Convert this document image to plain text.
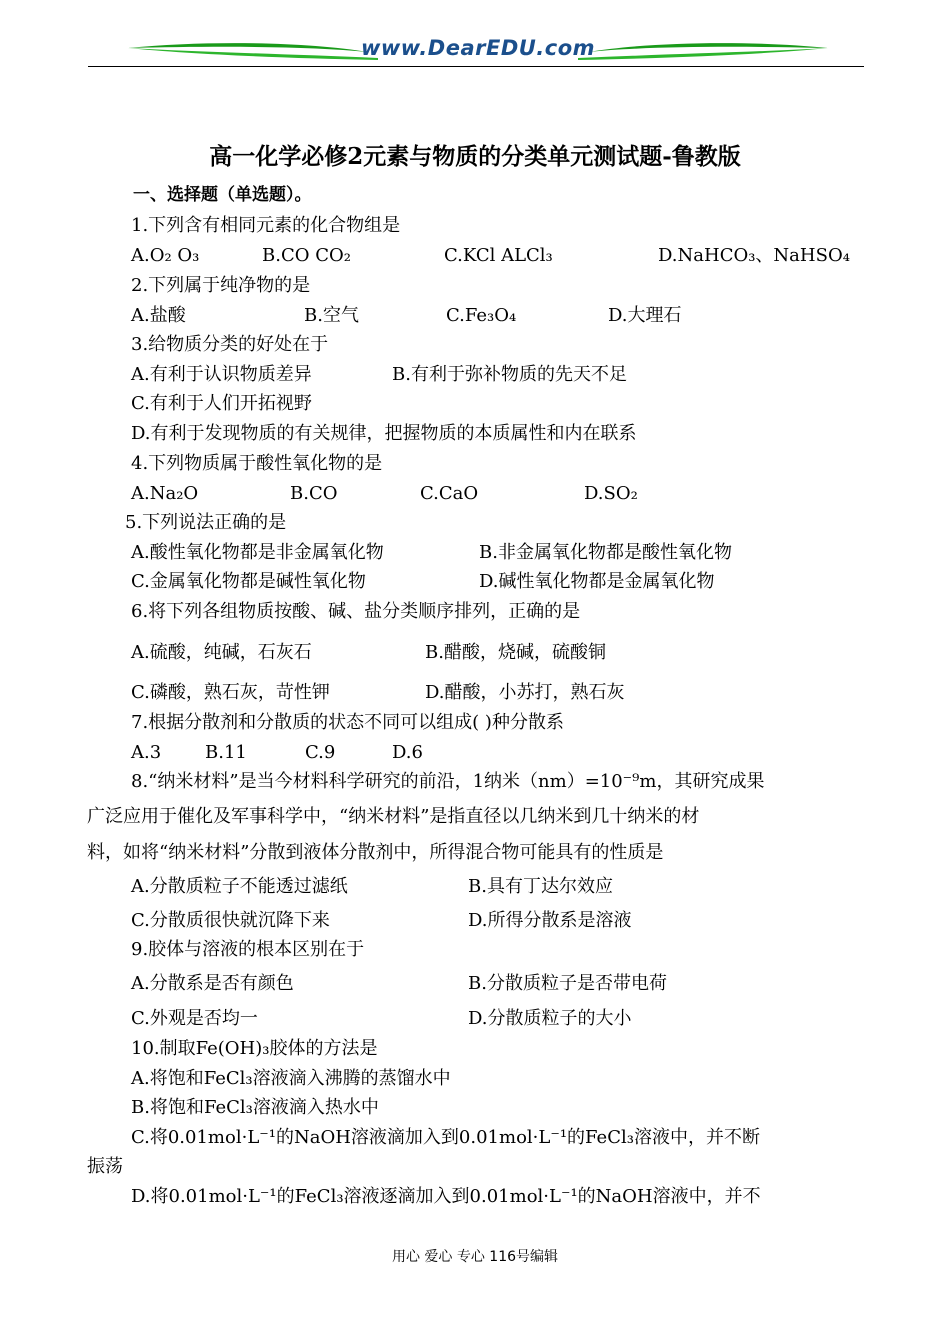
www.DearEDU.com
高一化学必修2元素与物质的分类单元测试题-鲁教版
一、选择题（单选题）。
1.下列含有相同元素的化合物组是
A.O₂ O₃	B.CO CO₂	C.KCl ALCl₃	D.NaHCO₃、NaHSO₄
2.下列属于纯净物的是
A.盐酸	B.空气	C.Fe₃O₄	D.大理石
3.给物质分类的好处在于
A.有利于认识物质差异	B.有利于弥补物质的先天不足
C.有利于人们开拓视野
D.有利于发现物质的有关规律，把握物质的本质属性和内在联系
4.下列物质属于酸性氧化物的是
A.Na₂O	B.CO	C.CaO	D.SO₂
5.下列说法正确的是
A.酸性氧化物都是非金属氧化物	B.非金属氧化物都是酸性氧化物
C.金属氧化物都是碱性氧化物	D.碱性氧化物都是金属氧化物
6.将下列各组物质按酸、碱、盐分类顺序排列，正确的是
A.硫酸，纯碱，石灰石	B.醋酸，烧碱，硫酸铜
C.磷酸，熟石灰，苛性钾	D.醋酸，小苏打，熟石灰
7.根据分散剂和分散质的状态不同可以组成( )种分散系
A.3 B.11	C.9	D.6
8.“纳米材料”是当今材料科学研究的前沿，1纳米（nm）=10⁻⁹m，其研究成果
广泛应用于催化及军事科学中，“纳米材料”是指直径以几纳米到几十纳米的材
料，如将“纳米材料”分散到液体分散剂中，所得混合物可能具有的性质是
A.分散质粒子不能透过滤纸	B.具有丁达尔效应
C.分散质很快就沉降下来	D.所得分散系是溶液
9.胶体与溶液的根本区别在于
A.分散系是否有颜色	B.分散质粒子是否带电荷
C.外观是否均一	D.分散质粒子的大小
10.制取Fe(OH)₃胶体的方法是
A.将饱和FeCl₃溶液滴入沸腾的蒸馏水中
B.将饱和FeCl₃溶液滴入热水中
C.将0.01mol·L⁻¹的NaOH溶液滴加入到0.01mol·L⁻¹的FeCl₃溶液中，并不断
振荡
D.将0.01mol·L⁻¹的FeCl₃溶液逐滴加入到0.01mol·L⁻¹的NaOH溶液中，并不
用心 爱心 专心 116号编辑
